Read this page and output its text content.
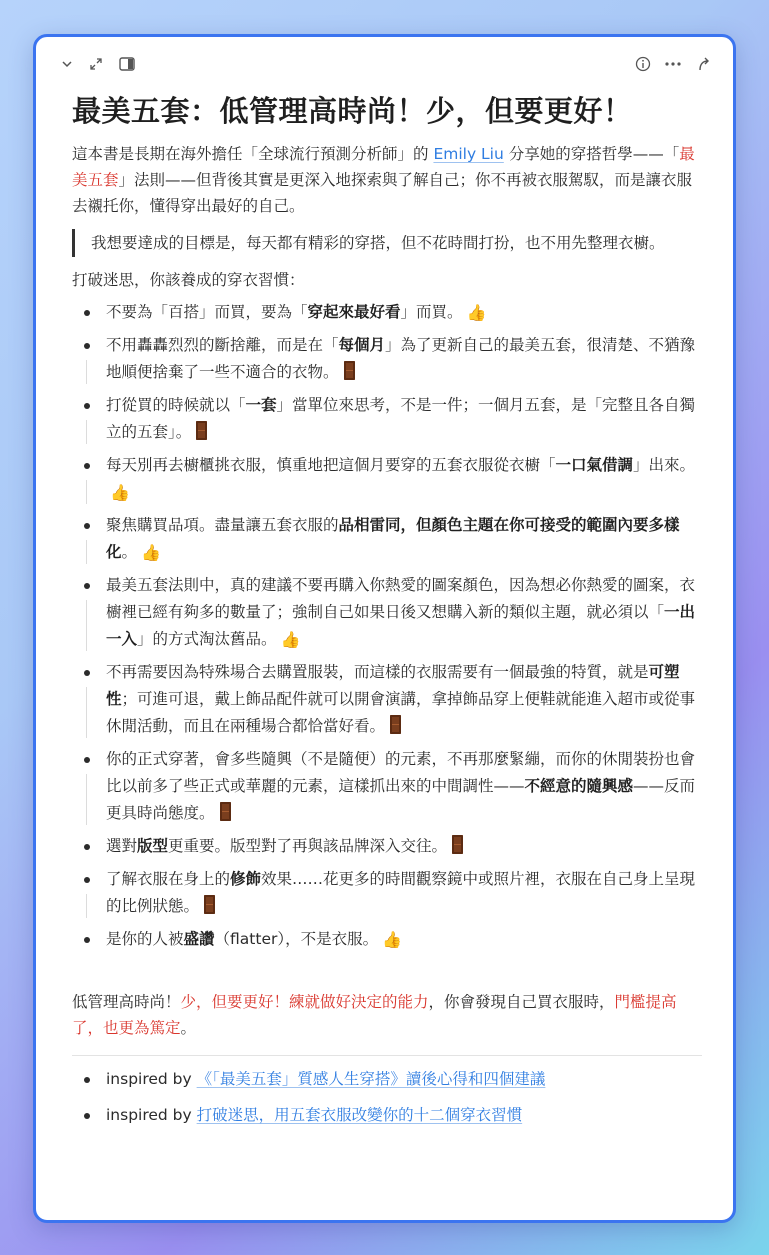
最美五套：低管理高時尚！少，但要更好！

這本書是長期在海外擔任「全球流行預測分析師」的 Emily Liu 分享她的穿搭哲學——「最美五套」法則——但背後其實是更深入地探索與了解自己；你不再被衣服駕馭，而是讓衣服去襯托你，懂得穿出最好的自己。

我想要達成的目標是，每天都有精彩的穿搭，但不花時間打扮，也不用先整理衣櫥。

打破迷思，你該養成的穿衣習慣：

不要為「百搭」而買，要為「穿起來最好看」而買。 👍
不用轟轟烈烈的斷捨離，而是在「每個月」為了更新自己的最美五套，很清楚、不猶豫地順便捨棄了一些不適合的衣物。
打從買的時候就以「一套」當單位來思考，不是一件；一個月五套，是「完整且各自獨立的五套」。
每天別再去櫥櫃挑衣服，慎重地把這個月要穿的五套衣服從衣櫥「一口氣借調」出來。👍
聚焦購買品項。盡量讓五套衣服的品相雷同，但顏色主題在你可接受的範圍內要多樣化。 👍
最美五套法則中，真的建議不要再購入你熱愛的圖案顏色，因為想必你熱愛的圖案，衣櫥裡已經有夠多的數量了；強制自己如果日後又想購入新的類似主題，就必須以「一出一入」的方式淘汰舊品。 👍
不再需要因為特殊場合去購置服裝，而這樣的衣服需要有一個最強的特質，就是可塑性；可進可退，戴上飾品配件就可以開會演講，拿掉飾品穿上便鞋就能進入超市或從事休閒活動，而且在兩種場合都恰當好看。
你的正式穿著，會多些隨興（不是隨便）的元素，不再那麼緊繃，而你的休閒裝扮也會比以前多了些正式或華麗的元素，這樣抓出來的中間調性——不經意的隨興感——反而更具時尚態度。
選對版型更重要。版型對了再與該品牌深入交往。
了解衣服在身上的修飾效果……花更多的時間觀察鏡中或照片裡，衣服在自己身上呈現的比例狀態。
是你的人被盛讚（flatter），不是衣服。 👍

低管理高時尚！少，但要更好！練就做好決定的能力，你會發現自己買衣服時，門檻提高了，也更為篤定。

inspired by 《「最美五套」質感人生穿搭》讀後心得和四個建議
inspired by 打破迷思，用五套衣服改變你的十二個穿衣習慣
